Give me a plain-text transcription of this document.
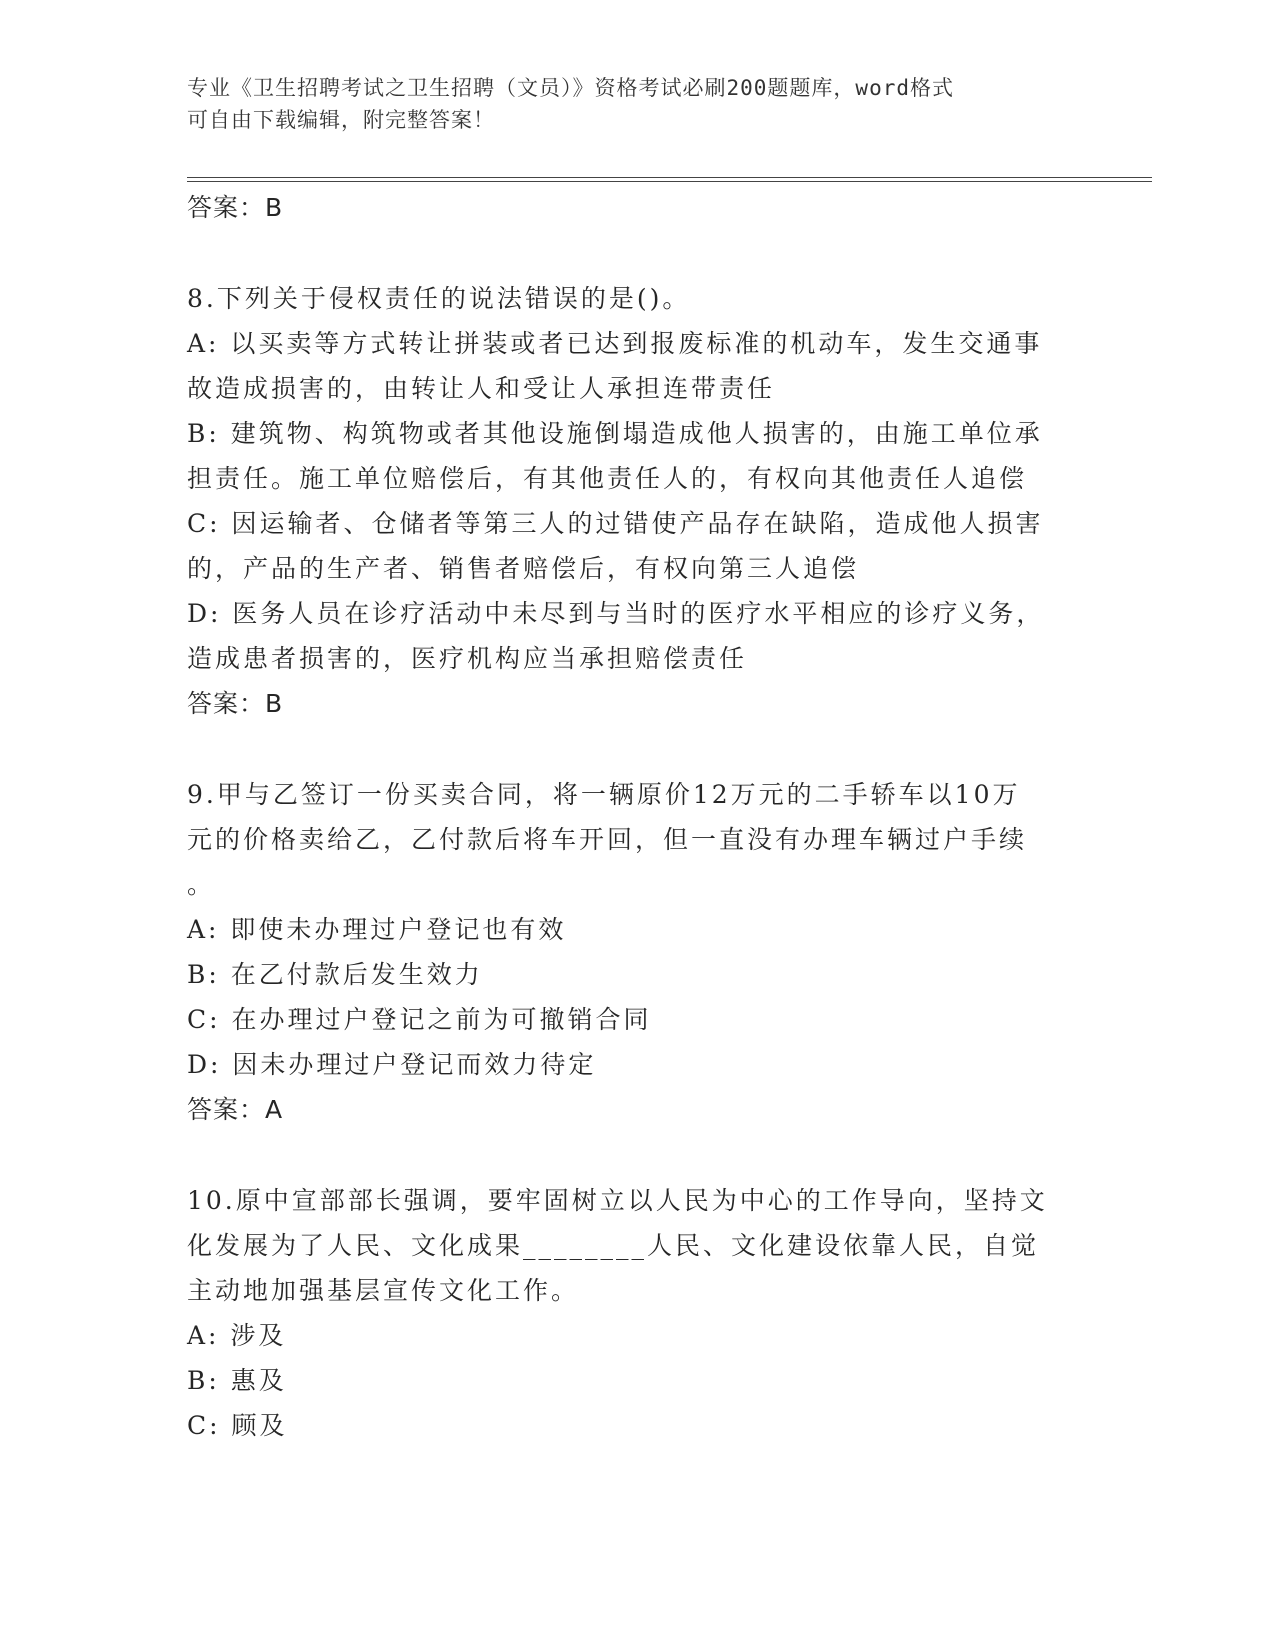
专业《卫生招聘考试之卫生招聘（文员）》资格考试必刷200题题库，word格式
可自由下载编辑，附完整答案！
答案：B
8.下列关于侵权责任的说法错误的是()。
A: 以买卖等方式转让拼装或者已达到报废标准的机动车，发生交通事
故造成损害的，由转让人和受让人承担连带责任
B: 建筑物、构筑物或者其他设施倒塌造成他人损害的，由施工单位承
担责任。施工单位赔偿后，有其他责任人的，有权向其他责任人追偿
C: 因运输者、仓储者等第三人的过错使产品存在缺陷，造成他人损害
的，产品的生产者、销售者赔偿后，有权向第三人追偿
D: 医务人员在诊疗活动中未尽到与当时的医疗水平相应的诊疗义务，
造成患者损害的，医疗机构应当承担赔偿责任
答案：B
9.甲与乙签订一份买卖合同，将一辆原价12万元的二手轿车以10万
元的价格卖给乙，乙付款后将车开回，但一直没有办理车辆过户手续
。
A: 即使未办理过户登记也有效
B: 在乙付款后发生效力
C: 在办理过户登记之前为可撤销合同
D: 因未办理过户登记而效力待定
答案：A
10.原中宣部部长强调，要牢固树立以人民为中心的工作导向，坚持文
化发展为了人民、文化成果________人民、文化建设依靠人民，自觉
主动地加强基层宣传文化工作。
A: 涉及
B: 惠及
C: 顾及
